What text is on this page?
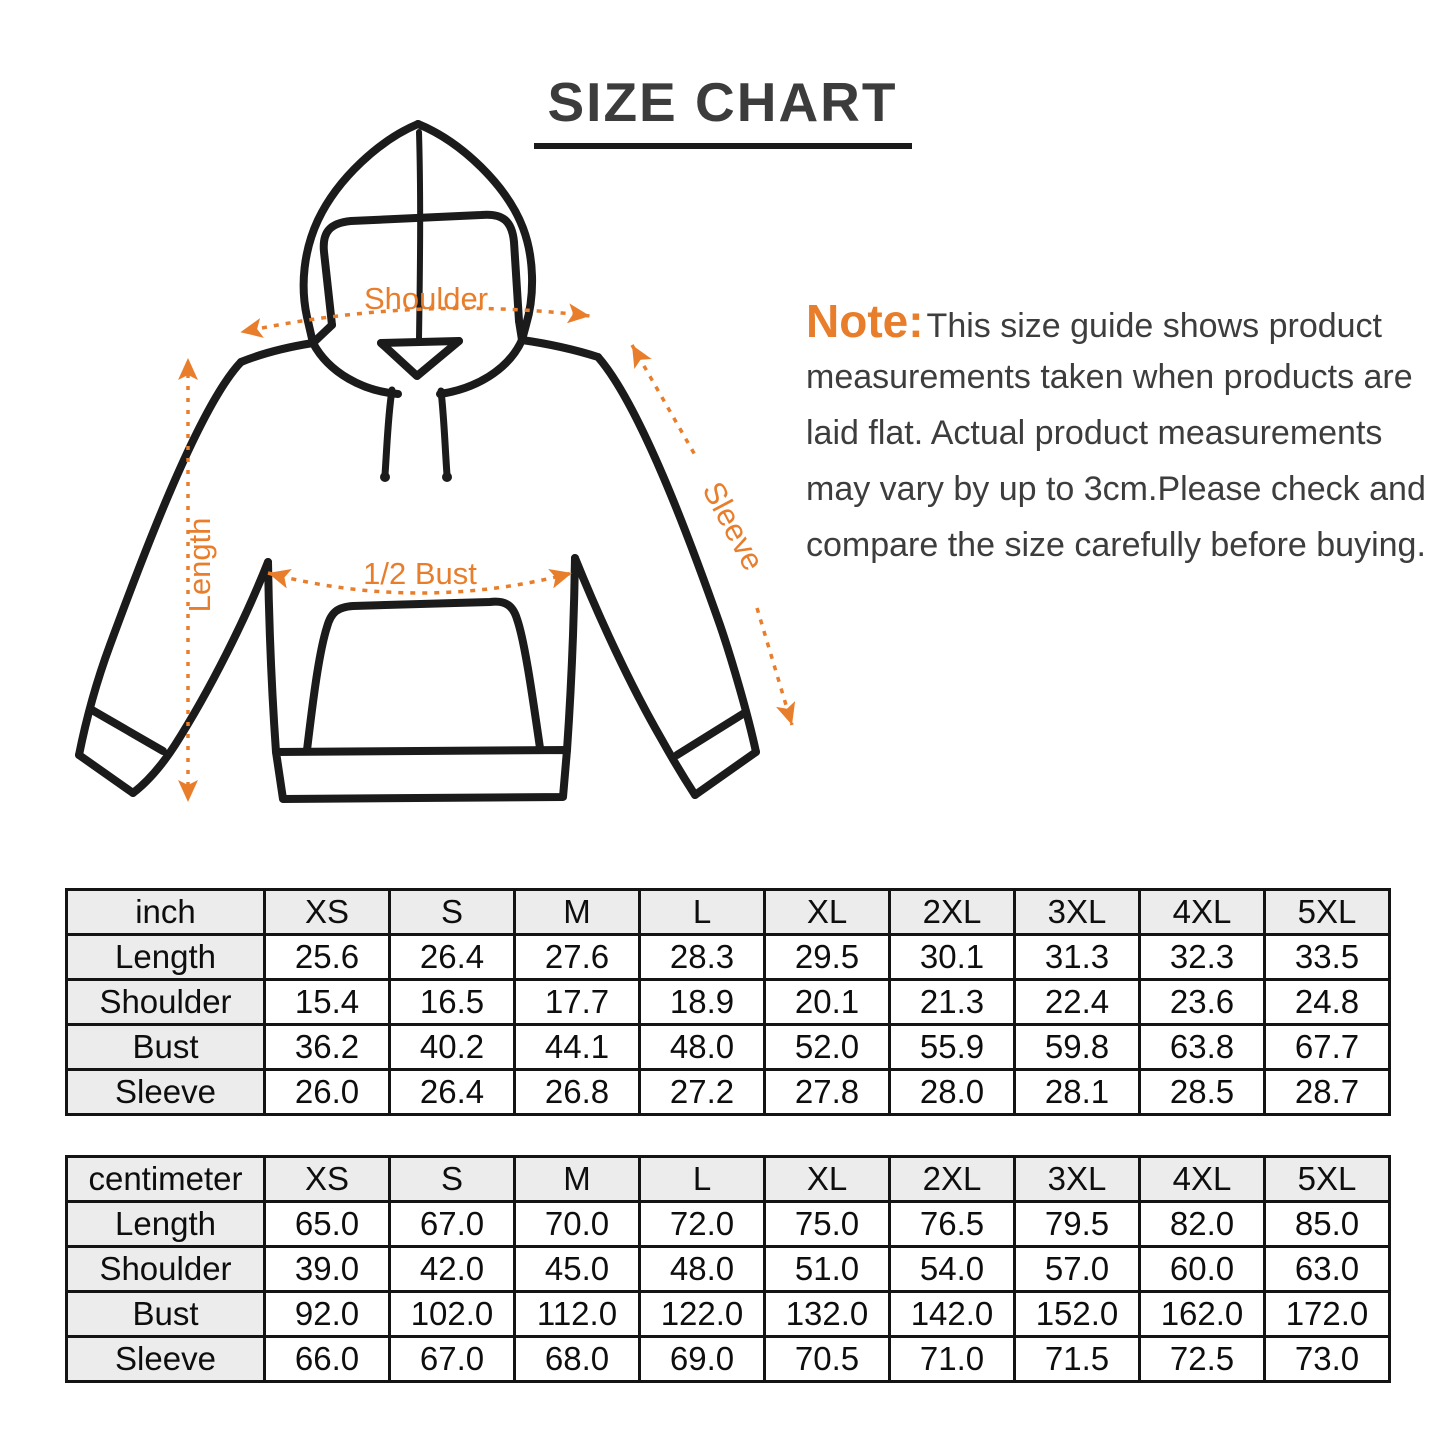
SIZE CHART
Shoulder
Length	1/2 Bust	Sleeve
Note:This size guide shows product
measurements taken when products are
laid flat. Actual product measurements
may vary by up to 3cm.Please check and
compare the size carefully before buying.
inch	XS	S	M	L	XL	2XL	3XL	4XL	5XL
Length	25.6	26.4	27.6	28.3	29.5	30.1	31.3	32.3	33.5
Shoulder	15.4	16.5	17.7	18.9	20.1	21.3	22.4	23.6	24.8
Bust	36.2	40.2	44.1	48.0	52.0	55.9	59.8	63.8	67.7
Sleeve	26.0	26.4	26.8	27.2	27.8	28.0	28.1	28.5	28.7
centimeter	XS	S	M	L	XL	2XL	3XL	4XL	5XL
Length	65.0	67.0	70.0	72.0	75.0	76.5	79.5	82.0	85.0
Shoulder	39.0	42.0	45.0	48.0	51.0	54.0	57.0	60.0	63.0
Bust	92.0	102.0	112.0	122.0	132.0	142.0	152.0	162.0	172.0
Sleeve	66.0	67.0	68.0	69.0	70.5	71.0	71.5	72.5	73.0
